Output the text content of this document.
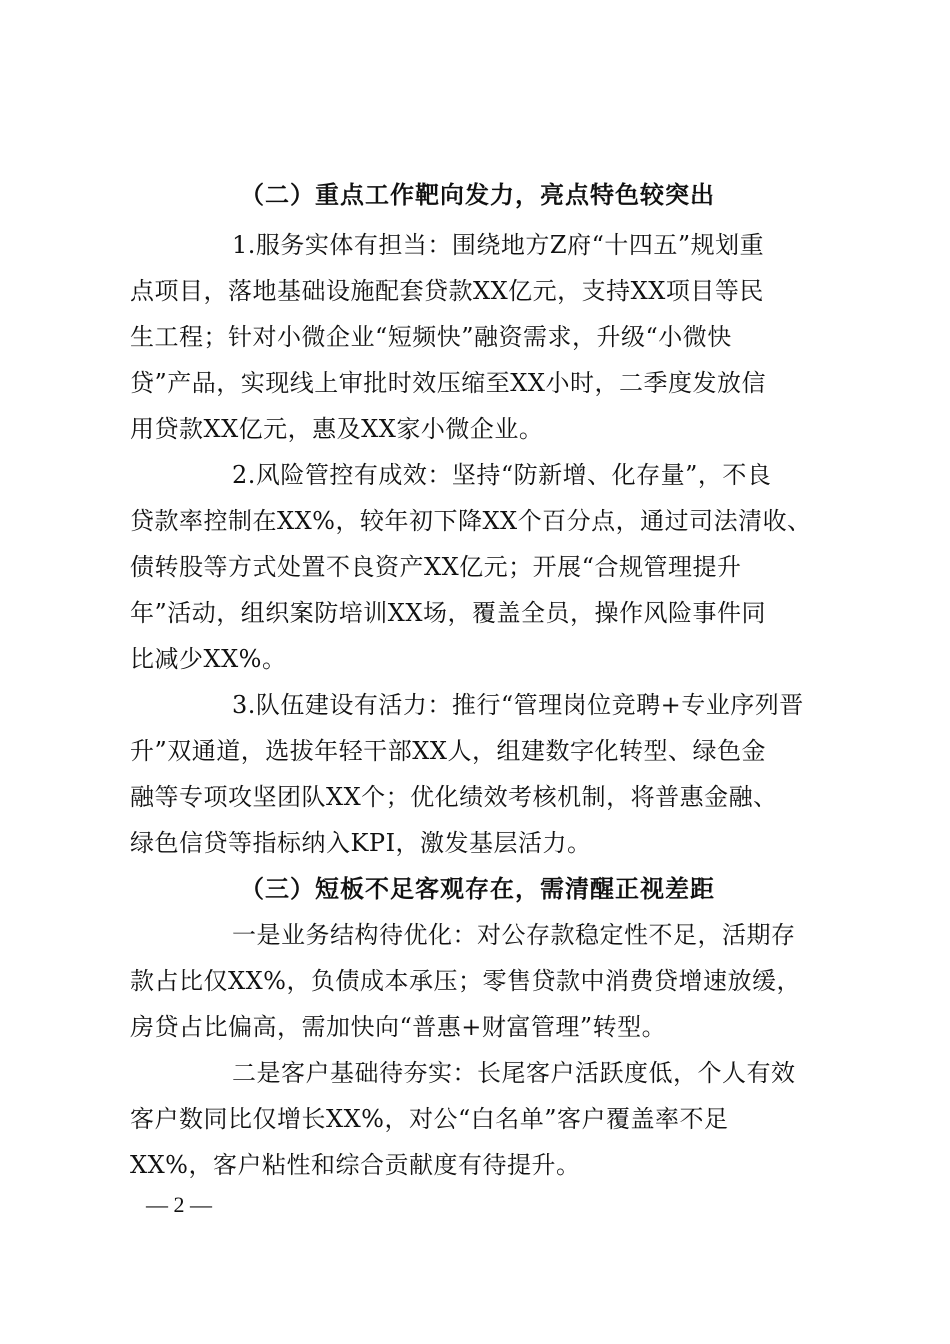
（二）重点工作靶向发力，亮点特色较突出
1.服务实体有担当：围绕地方Z府“十四五”规划重
点项目，落地基础设施配套贷款XX亿元，支持XX项目等民
生工程；针对小微企业“短频快”融资需求，升级“小微快
贷”产品，实现线上审批时效压缩至XX小时，二季度发放信
用贷款XX亿元，惠及XX家小微企业。
2.风险管控有成效：坚持“防新增、化存量”，不良
贷款率控制在XX%，较年初下降XX个百分点，通过司法清收、
债转股等方式处置不良资产XX亿元；开展“合规管理提升
年”活动，组织案防培训XX场，覆盖全员，操作风险事件同
比减少XX%。
3.队伍建设有活力：推行“管理岗位竞聘+专业序列晋
升”双通道，选拔年轻干部XX人，组建数字化转型、绿色金
融等专项攻坚团队XX个；优化绩效考核机制，将普惠金融、
绿色信贷等指标纳入KPI，激发基层活力。
（三）短板不足客观存在，需清醒正视差距
一是业务结构待优化：对公存款稳定性不足，活期存
款占比仅XX%，负债成本承压；零售贷款中消费贷增速放缓，
房贷占比偏高，需加快向“普惠+财富管理”转型。
二是客户基础待夯实：长尾客户活跃度低，个人有效
客户数同比仅增长XX%，对公“白名单”客户覆盖率不足
XX%，客户粘性和综合贡献度有待提升。
— 2 —
